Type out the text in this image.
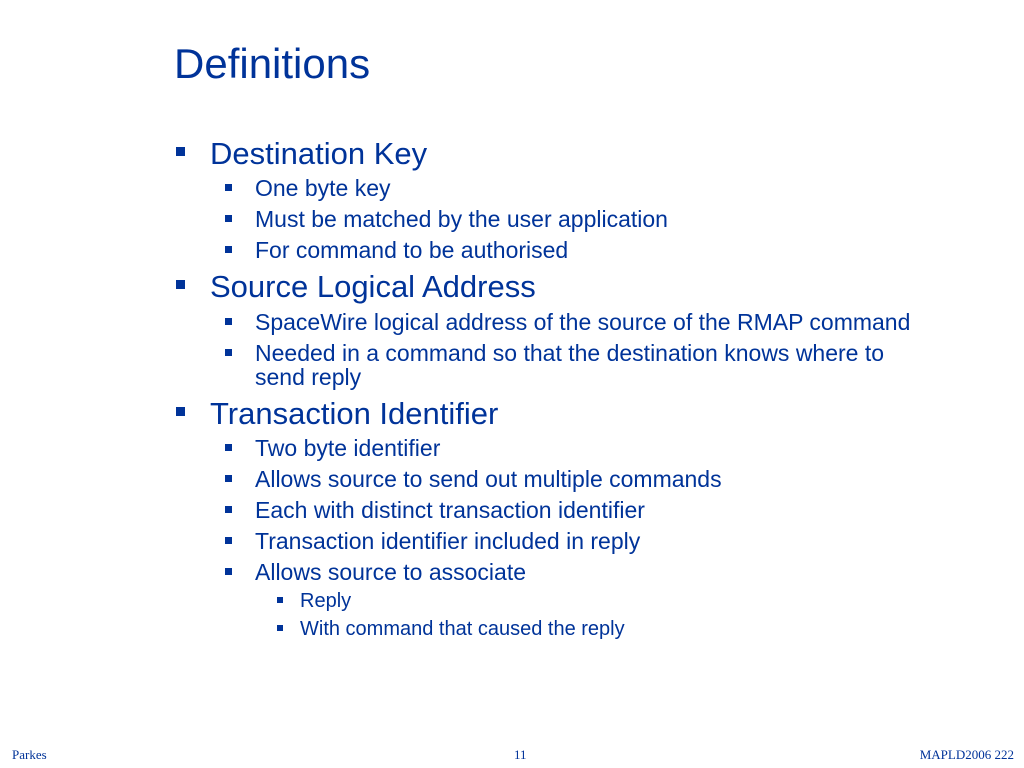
Definitions
Destination Key
One byte key
Must be matched by the user application
For command to be authorised
Source Logical Address
SpaceWire logical address of the source of the RMAP command
Needed in a command so that the destination knows where to
send reply
Transaction Identifier
Two byte identifier
Allows source to send out multiple commands
Each with distinct transaction identifier
Transaction identifier included in reply
Allows source to associate
Reply
With command that caused the reply
Parkes	11	MAPLD2006 222
